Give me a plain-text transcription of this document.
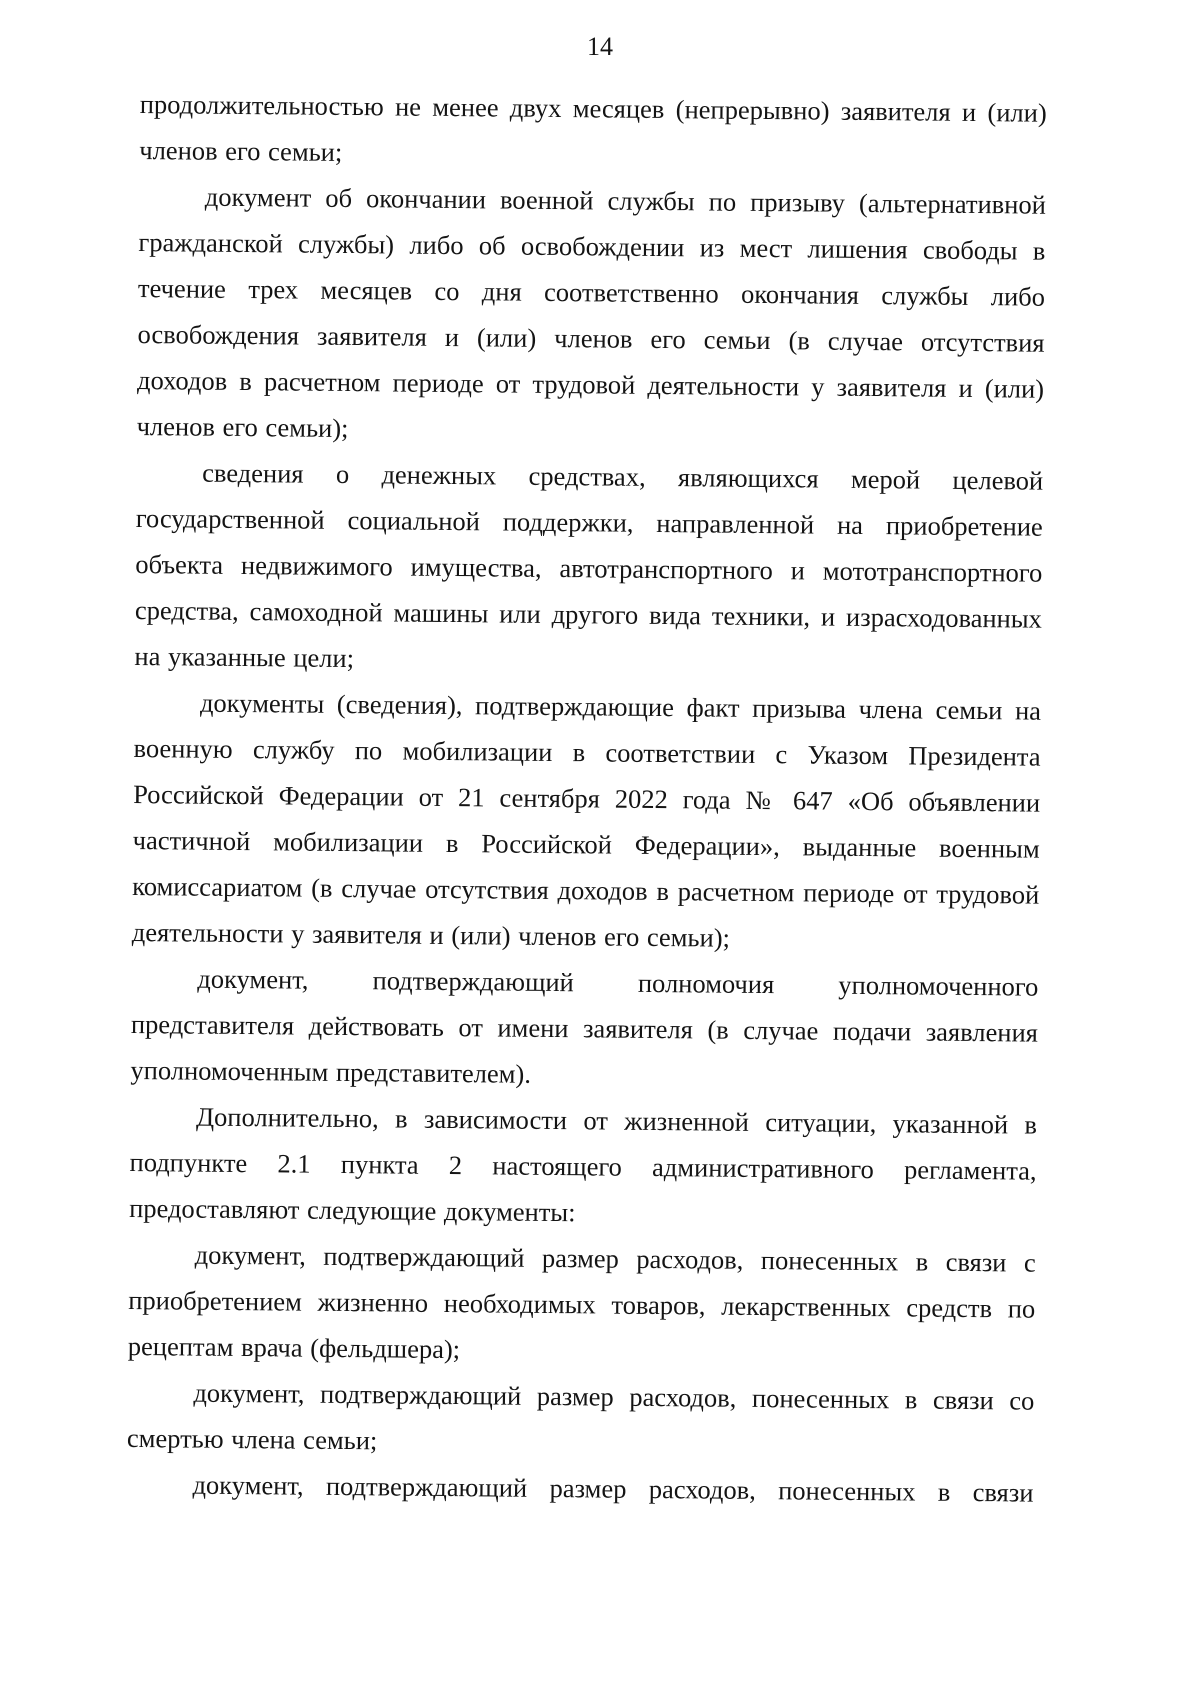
14

продолжительностью не менее двух месяцев (непрерывно) заявителя и (или) членов его семьи;

документ об окончании военной службы по призыву (альтернативной гражданской службы) либо об освобождении из мест лишения свободы в течение трех месяцев со дня соответственно окончания службы либо освобождения заявителя и (или) членов его семьи (в случае отсутствия доходов в расчетном периоде от трудовой деятельности у заявителя и (или) членов его семьи);

сведения о денежных средствах, являющихся мерой целевой государственной социальной поддержки, направленной на приобретение объекта недвижимого имущества, автотранспортного и мототранспортного средства, самоходной машины или другого вида техники, и израсходованных на указанные цели;

документы (сведения), подтверждающие факт призыва члена семьи на военную службу по мобилизации в соответствии с Указом Президента Российской Федерации от 21 сентября 2022 года № 647 «Об объявлении частичной мобилизации в Российской Федерации», выданные военным комиссариатом (в случае отсутствия доходов в расчетном периоде от трудовой деятельности у заявителя и (или) членов его семьи);

документ, подтверждающий полномочия уполномоченного представителя действовать от имени заявителя (в случае подачи заявления уполномоченным представителем).

Дополнительно, в зависимости от жизненной ситуации, указанной в подпункте 2.1 пункта 2 настоящего административного регламента, предоставляют следующие документы:

документ, подтверждающий размер расходов, понесенных в связи с приобретением жизненно необходимых товаров, лекарственных средств по рецептам врача (фельдшера);

документ, подтверждающий размер расходов, понесенных в связи со смертью члена семьи;

документ, подтверждающий размер расходов, понесенных в связи
